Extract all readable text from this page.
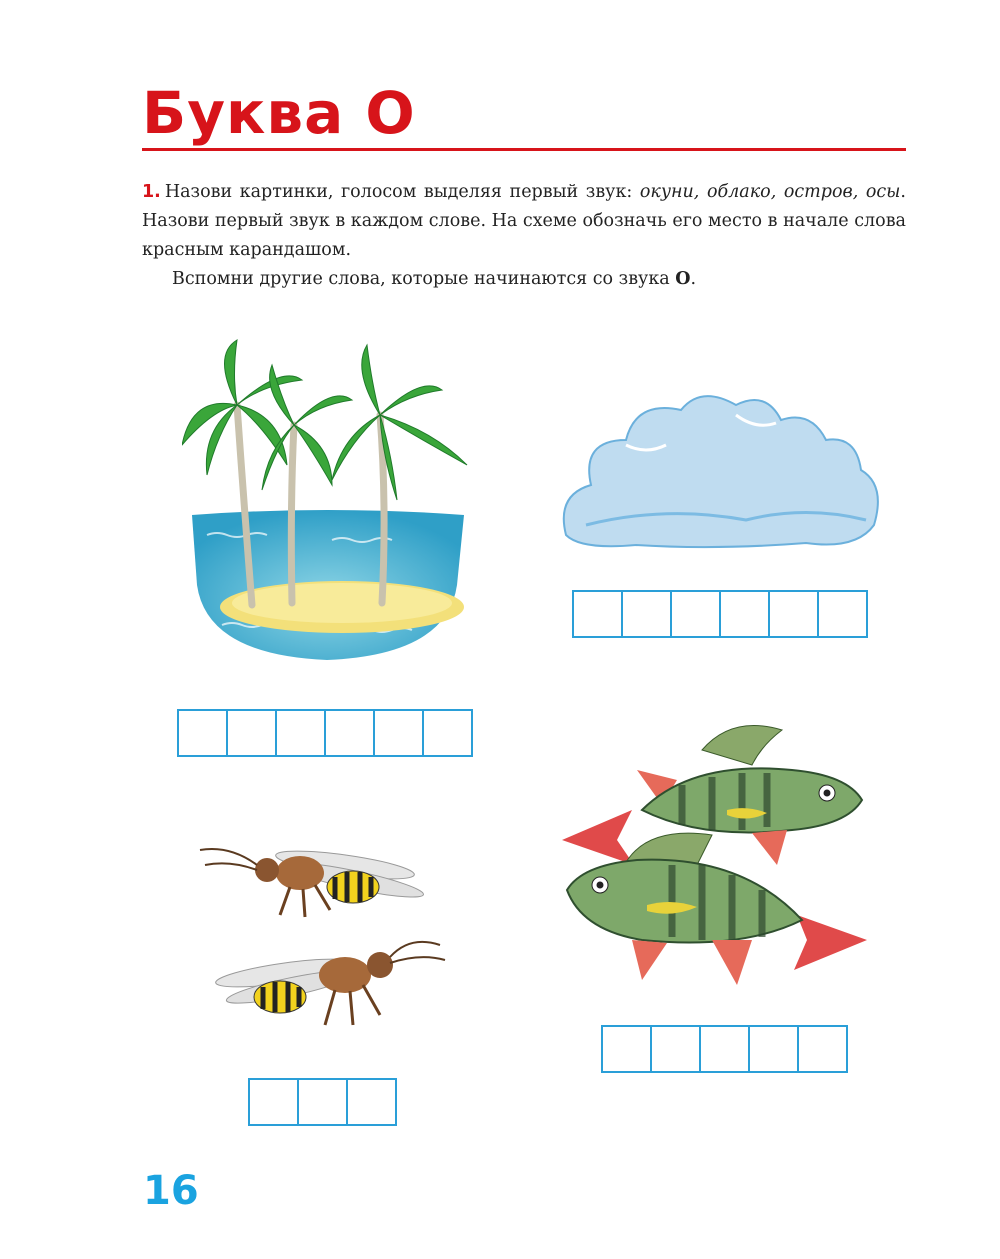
Буква О

1. Назови картинки, голосом выделяя первый звук: окуни, облако, остров, осы. Назови первый звук в каждом слове. На схеме обозначь его место в начале слова красным карандашом.

Вспомни другие слова, которые начинаются со звука О.

16
